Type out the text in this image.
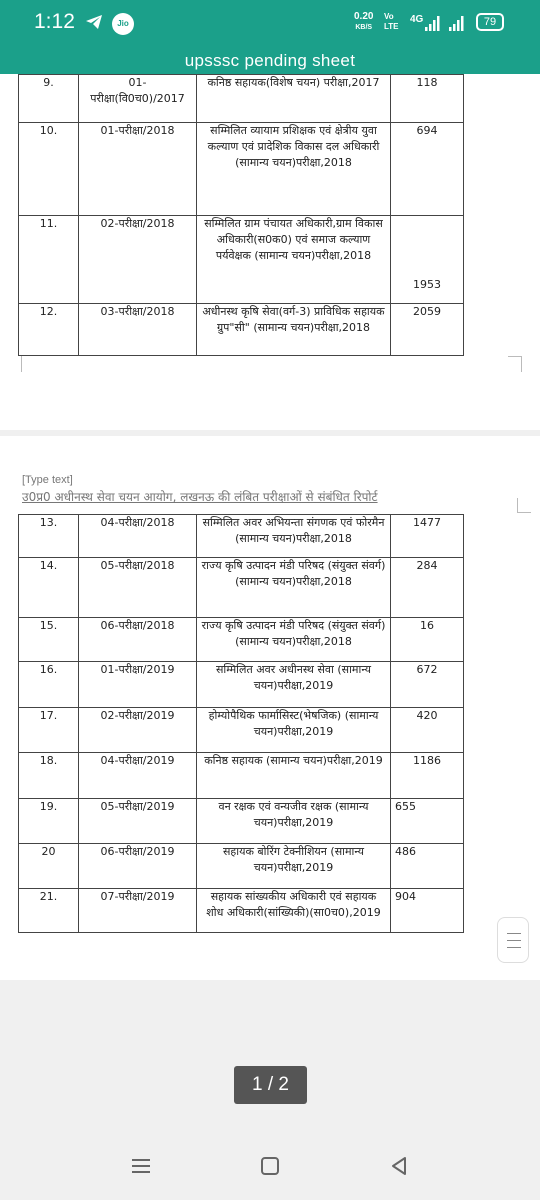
1:12	Jio
0.20
KB/S
Vo
LTE
4G	79
upsssc pending sheet
9.	01-परीक्षा(वि0च0)/2017	कनिष्ठ सहायक(विशेष चयन) परीक्षा,2017	118
10.	01-परीक्षा/2018	सम्मिलित व्यायाम प्रशिक्षक एवं क्षेत्रीय युवा कल्याण एवं प्रादेशिक विकास दल अधिकारी (सामान्य चयन)परीक्षा,2018	694
11.	02-परीक्षा/2018	सम्मिलित ग्राम पंचायत अधिकारी,ग्राम विकास अधिकारी(स0क0) एवं समाज कल्याण पर्यवेक्षक (सामान्य चयन)परीक्षा,2018	1953
12.	03-परीक्षा/2018	अधीनस्थ कृषि सेवा(वर्ग-3) प्राविधिक सहायक ग्रुप"सी" (सामान्य चयन)परीक्षा,2018	2059
[Type text]
उ0प्र0 अधीनस्थ सेवा चयन आयोग, लखनऊ की लंबित परीक्षाओं से संबंधित रिपोर्ट
13.	04-परीक्षा/2018	सम्मिलित अवर अभियन्ता संगणक एवं फोरमैन (सामान्य चयन)परीक्षा,2018	1477
14.	05-परीक्षा/2018	राज्य कृषि उत्पादन मंडी परिषद (संयुक्त संवर्ग) (सामान्य चयन)परीक्षा,2018	284
15.	06-परीक्षा/2018	राज्य कृषि उत्पादन मंडी परिषद (संयुक्त संवर्ग) (सामान्य चयन)परीक्षा,2018	16
16.	01-परीक्षा/2019	सम्मिलित अवर अधीनस्थ सेवा (सामान्य चयन)परीक्षा,2019	672
17.	02-परीक्षा/2019	होम्योपैथिक फार्मासिस्ट(भेषजिक) (सामान्य चयन)परीक्षा,2019	420
18.	04-परीक्षा/2019	कनिष्ठ सहायक (सामान्य चयन)परीक्षा,2019	1186
19.	05-परीक्षा/2019	वन रक्षक एवं वन्यजीव रक्षक (सामान्य चयन)परीक्षा,2019	655
20	06-परीक्षा/2019	सहायक बोरिंग टेक्नीशियन (सामान्य चयन)परीक्षा,2019	486
21.	07-परीक्षा/2019	सहायक सांख्यकीय अधिकारी एवं सहायक शोध अधिकारी(सांख्यिकी)(सा0च0),2019	904
1 / 2
